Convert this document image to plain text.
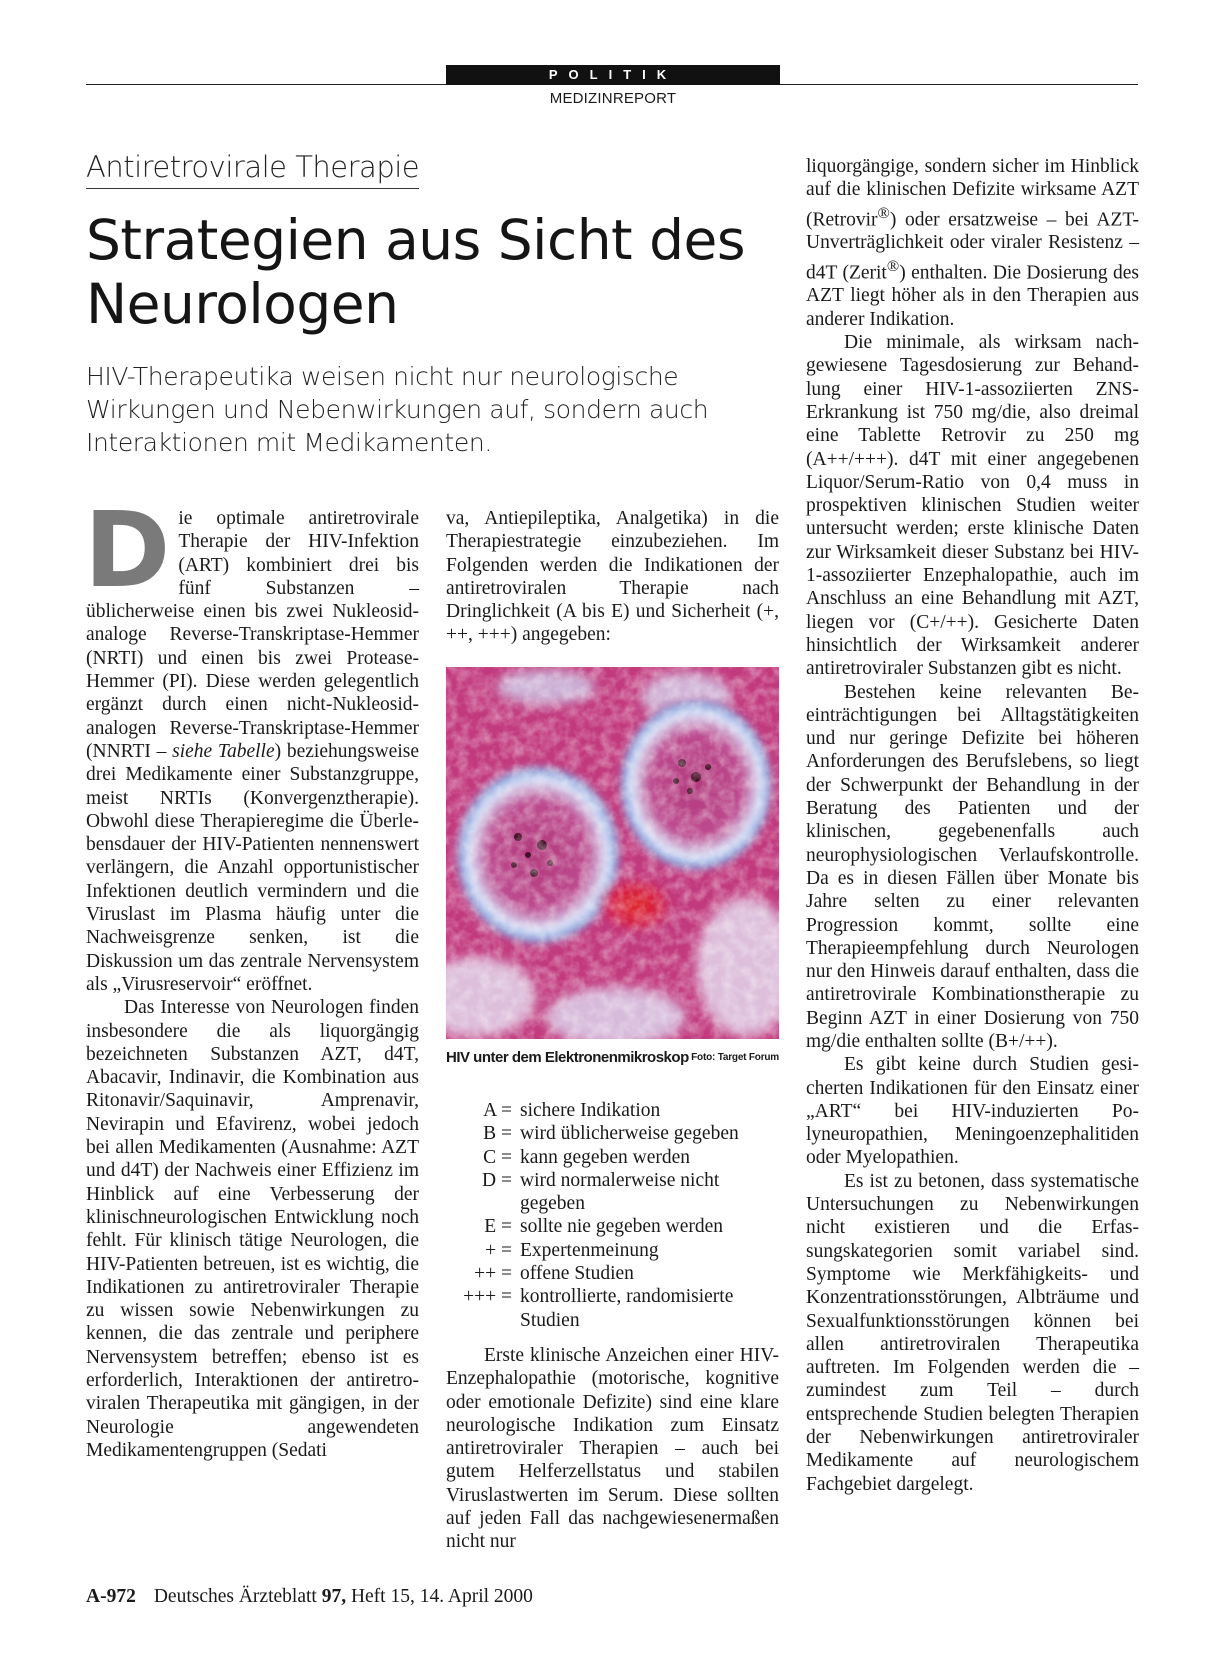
POLITIK
MEDIZINREPORT
Antiretrovirale Therapie
Strategien aus Sicht des Neurologen

HIV-Therapeutika weisen nicht nur neurologische Wirkungen und Nebenwirkungen auf, sondern auch Interaktionen mit Medikamenten.

Die optimale antiretrovirale Therapie der HIV-Infektion (ART) kombiniert drei bis fünf Substanzen – üblicherweise einen bis zwei Nukleosid-analoge Reverse-Transkriptase-Hemmer (NRTI) und einen bis zwei Protease-Hemmer (PI). Diese werden gelegentlich ergänzt durch einen nicht-Nukleosid-analogen Reverse-Transkriptase-Hemmer (NNRTI – siehe Tabelle) beziehungsweise drei Medikamente einer Substanzgruppe, meist NRTIs (Konvergenztherapie). Obwohl diese Therapieregime die Überlebensdauer der HIV-Patienten nennenswert verlängern, die Anzahl opportunistischer Infektionen deutlich vermindern und die Viruslast im Plasma häufig unter die Nachweisgrenze senken, ist die Diskussion um das zentrale Nervensystem als „Virusreservoir“ eröffnet.

Das Interesse von Neurologen finden insbesondere die als liquorgängig bezeichneten Substanzen AZT, d4T, Abacavir, Indinavir, die Kombination aus Ritonavir/Saquinavir, Amprenavir, Nevirapin und Efavirenz, wobei jedoch bei allen Medikamenten (Ausnahme: AZT und d4T) der Nachweis einer Effizienz im Hinblick auf eine Verbesserung der klinischneurologischen Entwicklung noch fehlt. Für klinisch tätige Neurologen, die HIV-Patienten betreuen, ist es wichtig, die Indikationen zu antiretroviraler Therapie zu wissen sowie Nebenwirkungen zu kennen, die das zentrale und periphere Nervensystem betreffen; ebenso ist es erforderlich, Interaktionen der antiretroviralen Therapeutika mit gängigen, in der Neurologie angewendeten Medikamentengruppen (Sedati

va, Antiepileptika, Analgetika) in die Therapiestrategie einzubeziehen. Im Folgenden werden die Indikationen der antiretroviralen Therapie nach Dringlichkeit (A bis E) und Sicherheit (+, ++, +++) angegeben:

HIV unter dem Elektronenmikroskop Foto: Target Forum
A = sichere Indikation
B = wird üblicherweise gegeben
C = kann gegeben werden
D = wird normalerweise nicht gegeben
E = sollte nie gegeben werden
+ = Expertenmeinung
++ = offene Studien
+++ = kontrollierte, randomisierte Studien

Erste klinische Anzeichen einer HIV-Enzephalopathie (motorische, kognitive oder emotionale Defizite) sind eine klare neurologische Indikation zum Einsatz antiretroviraler Therapien – auch bei gutem Helferzellstatus und stabilen Viruslastwerten im Serum. Diese sollten auf jeden Fall das nachgewiesenermaßen nicht nur

liquorgängige, sondern sicher im Hinblick auf die klinischen Defizite wirksame AZT (Retrovir®) oder ersatzweise – bei AZT-Unverträglichkeit oder viraler Resistenz – d4T (Zerit®) enthalten. Die Dosierung des AZT liegt höher als in den Therapien aus anderer Indikation.

Die minimale, als wirksam nachgewiesene Tagesdosierung zur Behandlung einer HIV-1-assoziierten ZNS-Erkrankung ist 750 mg/die, also dreimal eine Tablette Retrovir zu 250 mg (A++/+++). d4T mit einer angegebenen Liquor/Serum-Ratio von 0,4 muss in prospektiven klinischen Studien weiter untersucht werden; erste klinische Daten zur Wirksamkeit dieser Substanz bei HIV-1-assoziierter Enzephalopathie, auch im Anschluss an eine Behandlung mit AZT, liegen vor (C+/++). Gesicherte Daten hinsichtlich der Wirksamkeit anderer antiretroviraler Substanzen gibt es nicht.

Bestehen keine relevanten Beeinträchtigungen bei Alltagstätigkeiten und nur geringe Defizite bei höheren Anforderungen des Berufslebens, so liegt der Schwerpunkt der Behandlung in der Beratung des Patienten und der klinischen, gegebenenfalls auch neurophysiologischen Verlaufskontrolle. Da es in diesen Fällen über Monate bis Jahre selten zu einer relevanten Progression kommt, sollte eine Therapieempfehlung durch Neurologen nur den Hinweis darauf enthalten, dass die antiretrovirale Kombinationstherapie zu Beginn AZT in einer Dosierung von 750 mg/die enthalten sollte (B+/++).

Es gibt keine durch Studien gesicherten Indikationen für den Einsatz einer „ART“ bei HIV-induzierten Polyneuropathien, Meningoenzephalitiden oder Myelopathien.

Es ist zu betonen, dass systematische Untersuchungen zu Nebenwirkungen nicht existieren und die Erfassungskategorien somit variabel sind. Symptome wie Merkfähigkeits- und Konzentrationsstörungen, Albträume und Sexualfunktionsstörungen können bei allen antiretroviralen Therapeutika auftreten. Im Folgenden werden die – zumindest zum Teil – durch entsprechende Studien belegten Therapien der Nebenwirkungen antiretroviraler Medikamente auf neurologischem Fachgebiet dargelegt.

A-972 Deutsches Ärzteblatt 97, Heft 15, 14. April 2000
